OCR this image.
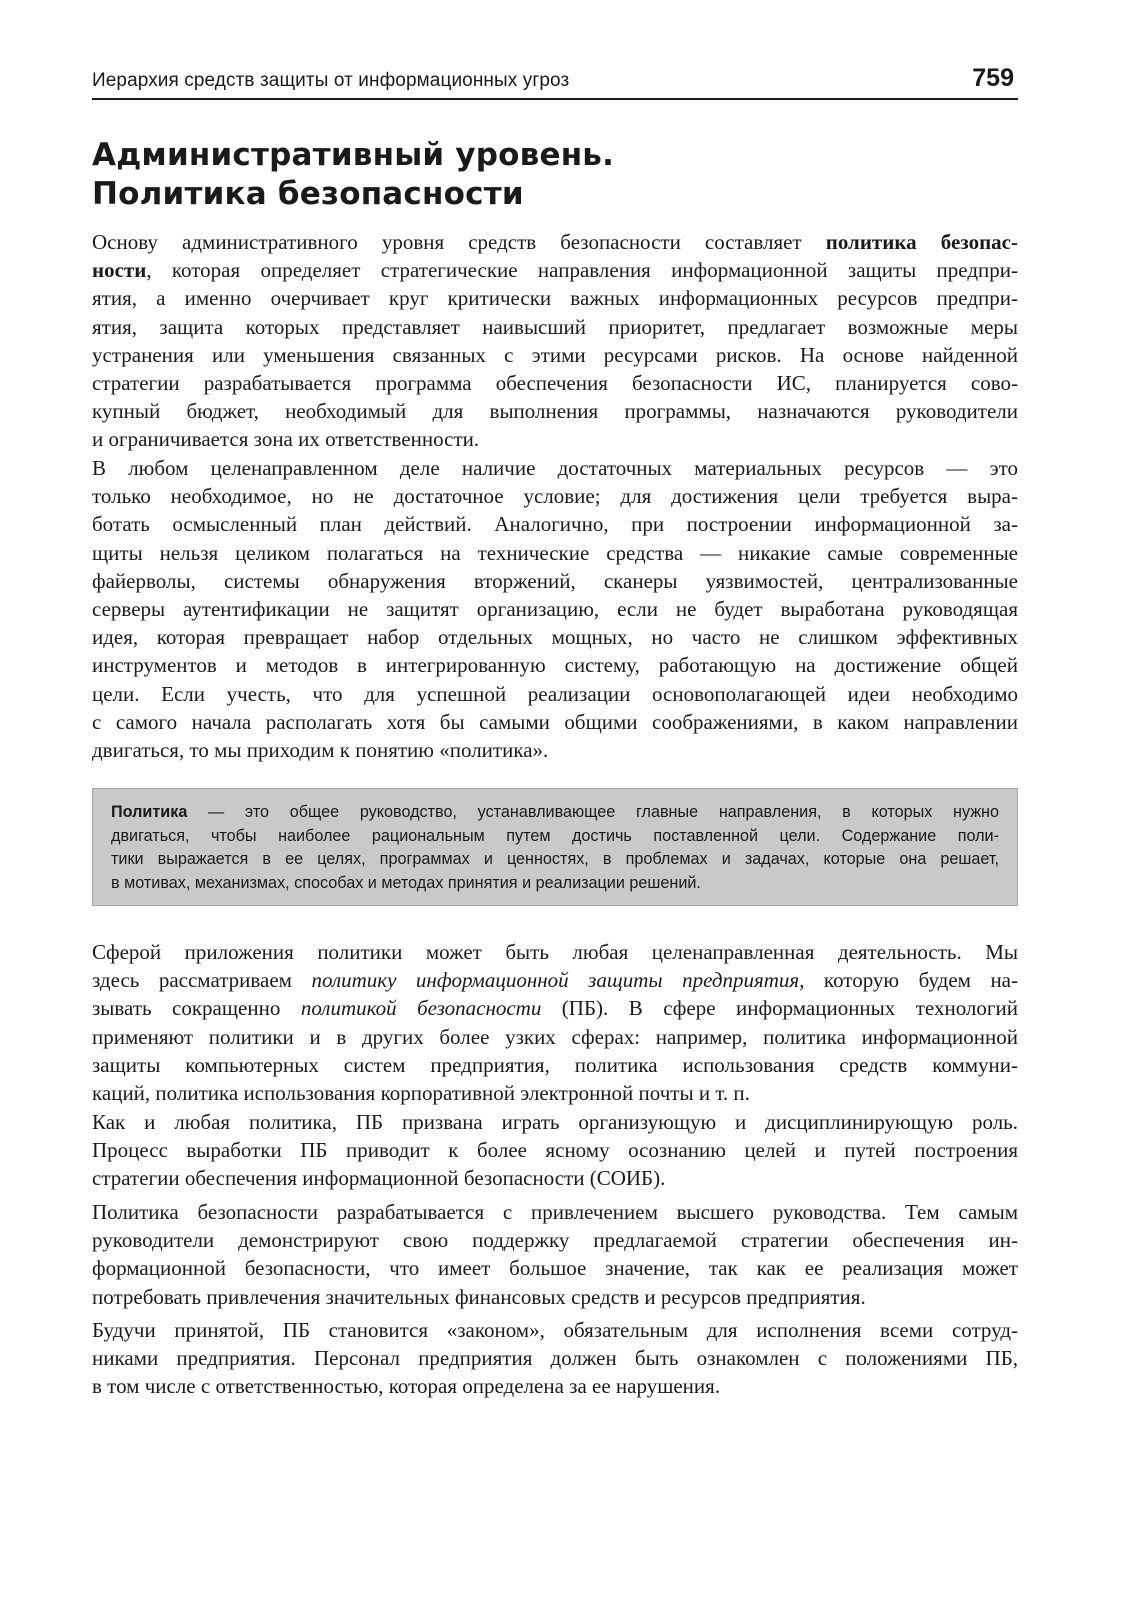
Иерархия средств защиты от информационных угроз	759
Административный уровень.
Политика безопасности
Основу административного уровня средств безопасности составляет политика безопас-
ности, которая определяет стратегические направления информационной защиты предпри-
ятия, а именно очерчивает круг критически важных информационных ресурсов предпри-
ятия, защита которых представляет наивысший приоритет, предлагает возможные меры
устранения или уменьшения связанных с этими ресурсами рисков. На основе найденной
стратегии разрабатывается программа обеспечения безопасности ИС, планируется сово-
купный бюджет, необходимый для выполнения программы, назначаются руководители
и ограничивается зона их ответственности.
В любом целенаправленном деле наличие достаточных материальных ресурсов — это
только необходимое, но не достаточное условие; для достижения цели требуется выра-
ботать осмысленный план действий. Аналогично, при построении информационной за-
щиты нельзя целиком полагаться на технические средства — никакие самые современные
файерволы, системы обнаружения вторжений, сканеры уязвимостей, централизованные
серверы аутентификации не защитят организацию, если не будет выработана руководящая
идея, которая превращает набор отдельных мощных, но часто не слишком эффективных
инструментов и методов в интегрированную систему, работающую на достижение общей
цели. Если учесть, что для успешной реализации основополагающей идеи необходимо
с самого начала располагать хотя бы самыми общими соображениями, в каком направлении
двигаться, то мы приходим к понятию «политика».
Политика — это общее руководство, устанавливающее главные направления, в которых нужно
двигаться, чтобы наиболее рациональным путем достичь поставленной цели. Содержание поли-
тики выражается в ее целях, программах и ценностях, в проблемах и задачах, которые она решает,
в мотивах, механизмах, способах и методах принятия и реализации решений.
Сферой приложения политики может быть любая целенаправленная деятельность. Мы
здесь рассматриваем политику информационной защиты предприятия, которую будем на-
зывать сокращенно политикой безопасности (ПБ). В сфере информационных технологий
применяют политики и в других более узких сферах: например, политика информационной
защиты компьютерных систем предприятия, политика использования средств коммуни-
каций, политика использования корпоративной электронной почты и т. п.
Как и любая политика, ПБ призвана играть организующую и дисциплинирующую роль.
Процесс выработки ПБ приводит к более ясному осознанию целей и путей построения
стратегии обеспечения информационной безопасности (СОИБ).
Политика безопасности разрабатывается с привлечением высшего руководства. Тем самым
руководители демонстрируют свою поддержку предлагаемой стратегии обеспечения ин-
формационной безопасности, что имеет большое значение, так как ее реализация может
потребовать привлечения значительных финансовых средств и ресурсов предприятия.
Будучи принятой, ПБ становится «законом», обязательным для исполнения всеми сотруд-
никами предприятия. Персонал предприятия должен быть ознакомлен с положениями ПБ,
в том числе с ответственностью, которая определена за ее нарушения.
